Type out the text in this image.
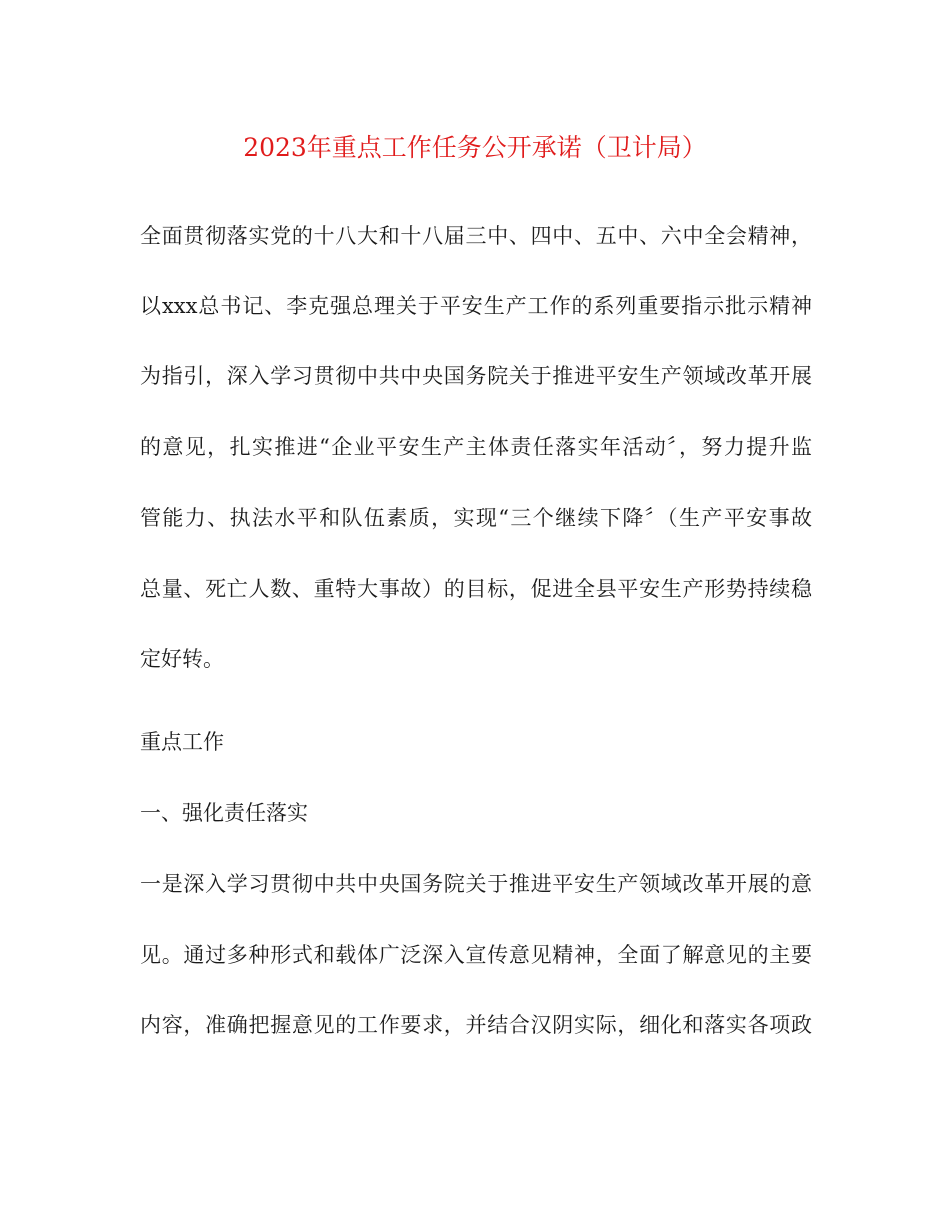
2023年重点工作任务公开承诺（卫计局）
全面贯彻落实党的十八大和十八届三中、四中、五中、六中全会精神，
以xxx总书记、李克强总理关于平安生产工作的系列重要指示批示精神
为指引，深入学习贯彻中共中央国务院关于推进平安生产领域改革开展
的意见，扎实推进“企业平安生产主体责任落实年活动〞，努力提升监
管能力、执法水平和队伍素质，实现“三个继续下降〞（生产平安事故
总量、死亡人数、重特大事故）的目标，促进全县平安生产形势持续稳
定好转。
重点工作
一、强化责任落实
一是深入学习贯彻中共中央国务院关于推进平安生产领域改革开展的意
见。通过多种形式和载体广泛深入宣传意见精神，全面了解意见的主要
内容，准确把握意见的工作要求，并结合汉阴实际，细化和落实各项政
